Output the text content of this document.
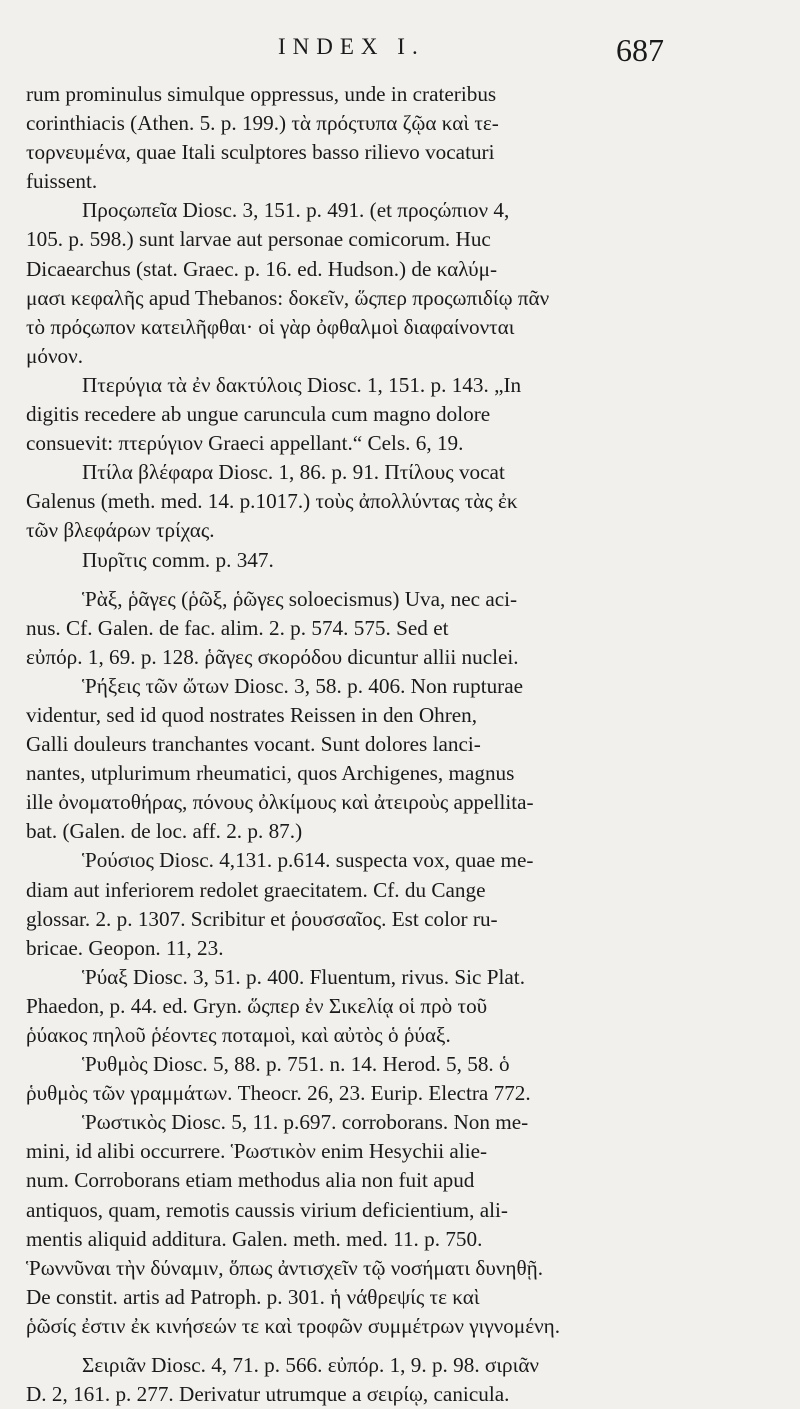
INDEX I.	687
rum prominulus simulque oppressus, unde in crateribus
corinthiacis (Athen. 5. p. 199.) τὰ πρόςτυπα ζῷα καὶ τε-
τορνευμένα, quae Itali sculptores basso rilievo vocaturi
fuissent.
Προςωπεῖα Diosc. 3, 151. p. 491. (et προςώπιον 4,
105. p. 598.) sunt larvae aut personae comicorum. Huc
Dicaearchus (stat. Graec. p. 16. ed. Hudson.) de καλύμ-
μασι κεφαλῆς apud Thebanos: δοκεῖν, ὥςπερ προςωπιδίῳ πᾶν
τὸ πρόςωπον κατειλῆφθαι· οἱ γὰρ ὀφθαλμοὶ διαφαίνονται
μόνον.
Πτερύγια τὰ ἐν δακτύλοις Diosc. 1, 151. p. 143. „In
digitis recedere ab ungue caruncula cum magno dolore
consuevit: πτερύγιον Graeci appellant.“ Cels. 6, 19.
Πτίλα βλέφαρα Diosc. 1, 86. p. 91. Πτίλους vocat
Galenus (meth. med. 14. p.1017.) τοὺς ἀπολλύντας τὰς ἐκ
τῶν βλεφάρων τρίχας.
Πυρῖτις comm. p. 347.
Ῥὰξ, ῥᾶγες (ῥῶξ, ῥῶγες soloecismus) Uva, nec aci-
nus. Cf. Galen. de fac. alim. 2. p. 574. 575. Sed et
εὐπόρ. 1, 69. p. 128. ῥᾶγες σκορόδου dicuntur allii nuclei.
Ῥήξεις τῶν ὤτων Diosc. 3, 58. p. 406. Non rupturae
videntur, sed id quod nostrates Reissen in den Ohren,
Galli douleurs tranchantes vocant. Sunt dolores lanci-
nantes, utplurimum rheumatici, quos Archigenes, magnus
ille ὀνοματοθήρας, πόνους ὀλκίμους καὶ ἀτειροὺς appellita-
bat. (Galen. de loc. aff. 2. p. 87.)
Ῥούσιος Diosc. 4,131. p.614. suspecta vox, quae me-
diam aut inferiorem redolet graecitatem. Cf. du Cange
glossar. 2. p. 1307. Scribitur et ῥουσσαῖος. Est color ru-
bricae. Geopon. 11, 23.
Ῥύαξ Diosc. 3, 51. p. 400. Fluentum, rivus. Sic Plat.
Phaedon, p. 44. ed. Gryn. ὥςπερ ἐν Σικελίᾳ οἱ πρὸ τοῦ
ῥύακος πηλοῦ ῥέοντες ποταμοὶ, καὶ αὐτὸς ὁ ῥύαξ.
Ῥυθμὸς Diosc. 5, 88. p. 751. n. 14. Herod. 5, 58. ὁ
ῥυθμὸς τῶν γραμμάτων. Theocr. 26, 23. Eurip. Electra 772.
Ῥωστικὸς Diosc. 5, 11. p.697. corroborans. Non me-
mini, id alibi occurrere. Ῥωστικὸν enim Hesychii alie-
num. Corroborans etiam methodus alia non fuit apud
antiquos, quam, remotis caussis virium deficientium, ali-
mentis aliquid additura. Galen. meth. med. 11. p. 750.
Ῥωννῦναι τὴν δύναμιν, ὅπως ἀντισχεῖν τῷ νοσήματι δυνηθῇ.
De constit. artis ad Patroph. p. 301. ἡ νάθρεψίς τε καὶ
ῥῶσίς ἐστιν ἐκ κινήσεών τε καὶ τροφῶν συμμέτρων γιγνομένη.
Σειριᾶν Diosc. 4, 71. p. 566. εὐπόρ. 1, 9. p. 98. σιριᾶν
D. 2, 161. p. 277. Derivatur utrumque a σειρίῳ, canicula.
